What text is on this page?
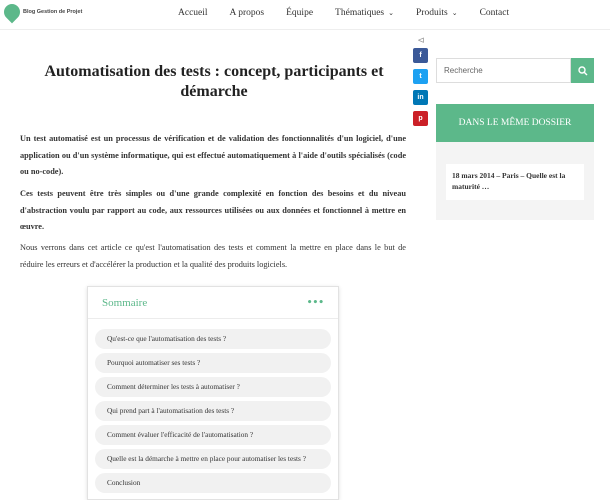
Blog Gestion de Projet	Accueil A propos Équipe Thématiques ⌄ Produits ⌄ Contact
Automatisation des tests : concept, participants et démarche

Un test automatisé est un processus de vérification et de validation des fonctionnalités d'un logiciel, d'une application ou d'un système informatique, qui est effectué automatiquement à l'aide d'outils spécialisés (code ou no-code).

Ces tests peuvent être très simples ou d'une grande complexité en fonction des besoins et du niveau d'abstraction voulu par rapport au code, aux ressources utilisées ou aux données et fonctionnel à mettre en œuvre.

Nous verrons dans cet article ce qu'est l'automatisation des tests et comment la mettre en place dans le but de réduire les erreurs et d'accélérer la production et la qualité des produits logiciels.

⊲
f
t
in
p
Sommaire	•••
Qu'est-ce que l'automatisation des tests ?
Pourquoi automatiser ses tests ?
Comment déterminer les tests à automatiser ?
Qui prend part à l'automatisation des tests ?
Comment évaluer l'efficacité de l'automatisation ?
Quelle est la démarche à mettre en place pour automatiser les tests ?
Conclusion
Recherche
DANS LE MÊME DOSSIER
18 mars 2014 – Paris – Quelle est la maturité …
